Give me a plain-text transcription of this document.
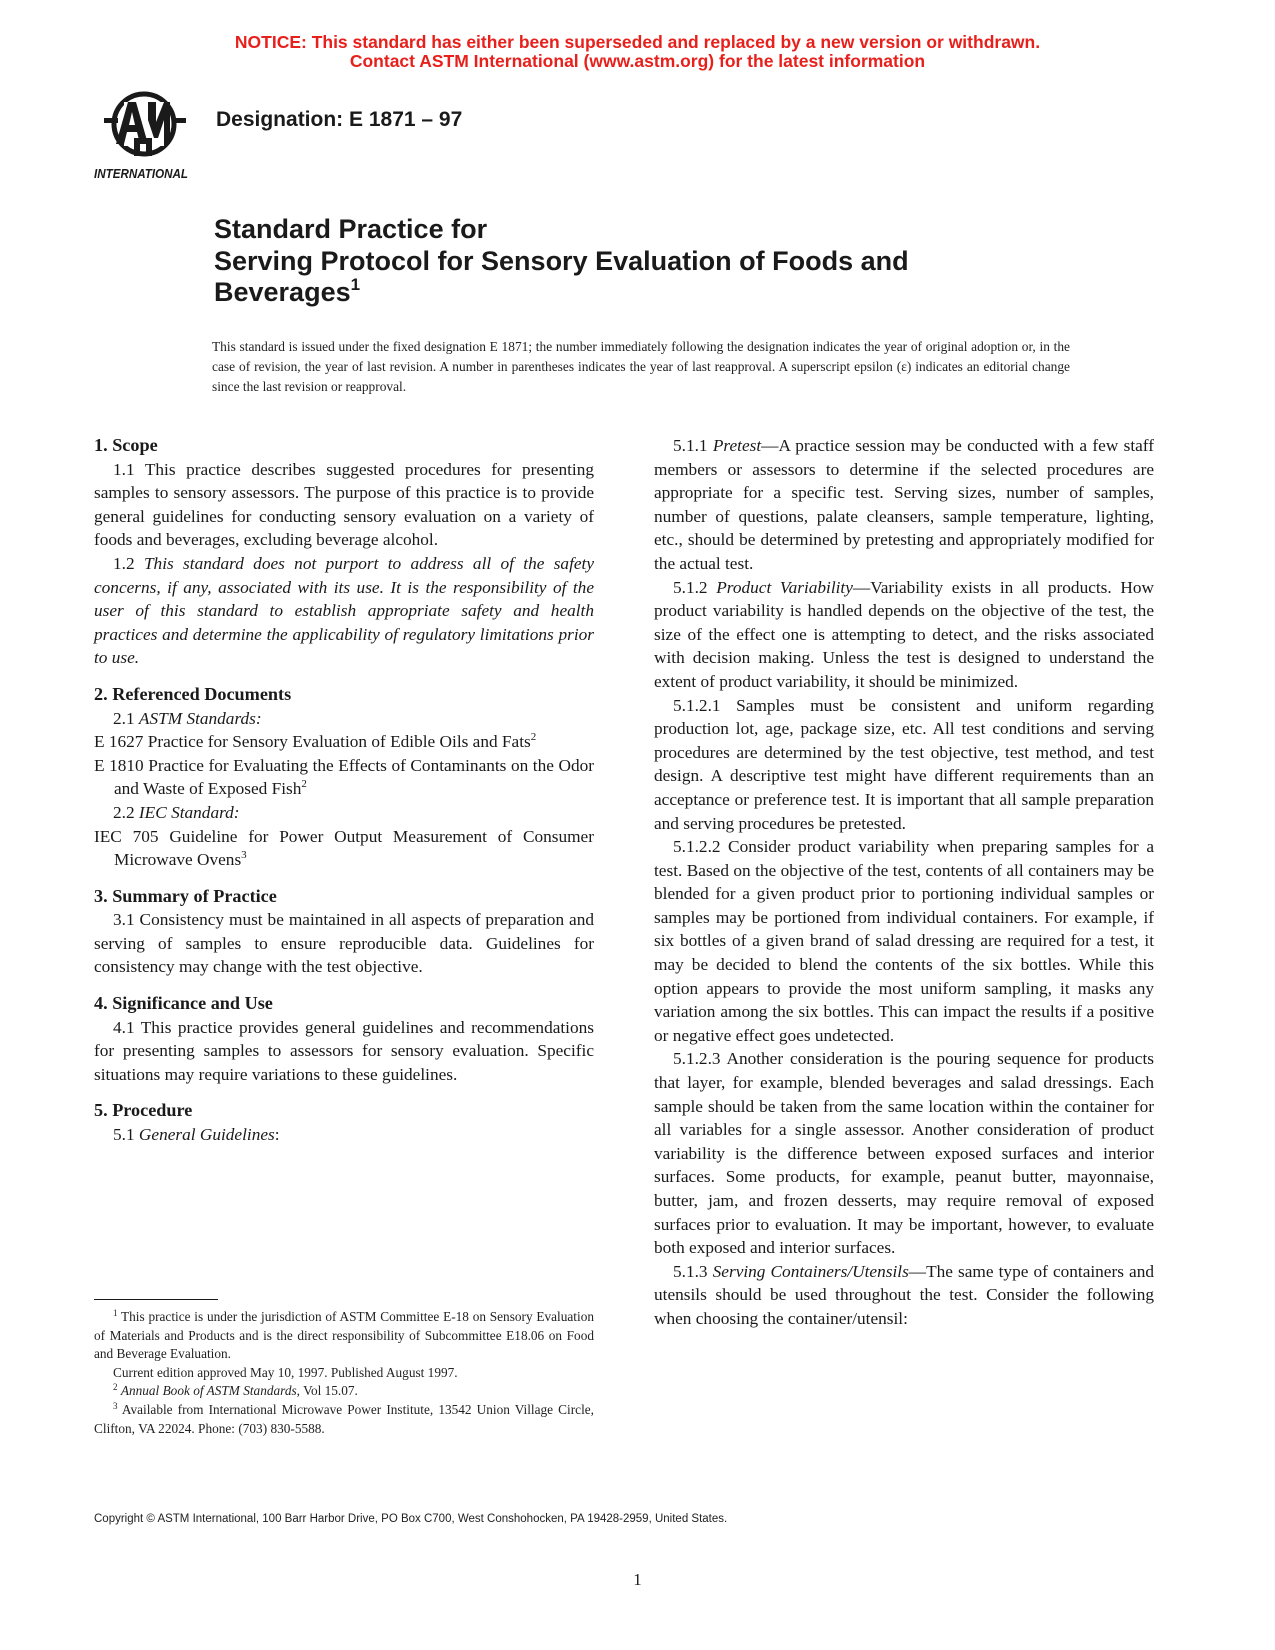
NOTICE: This standard has either been superseded and replaced by a new version or withdrawn.
Contact ASTM International (www.astm.org) for the latest information
INTERNATIONAL
Designation: E 1871 – 97
Standard Practice for
Serving Protocol for Sensory Evaluation of Foods and
Beverages$^1$
This standard is issued under the fixed designation E 1871; the number immediately following the designation indicates the year of original adoption or, in the case of revision, the year of last revision. A number in parentheses indicates the year of last reapproval. A superscript epsilon (ε) indicates an editorial change since the last revision or reapproval.
1. Scope

1.1 This practice describes suggested procedures for presenting samples to sensory assessors. The purpose of this practice is to provide general guidelines for conducting sensory evaluation on a variety of foods and beverages, excluding beverage alcohol.

1.2 This standard does not purport to address all of the safety concerns, if any, associated with its use. It is the responsibility of the user of this standard to establish appropriate safety and health practices and determine the applicability of regulatory limitations prior to use.

2. Referenced Documents

2.1 ASTM Standards:

E 1627 Practice for Sensory Evaluation of Edible Oils and Fats$^2$

E 1810 Practice for Evaluating the Effects of Contaminants on the Odor and Waste of Exposed Fish$^2$

2.2 IEC Standard:

IEC 705 Guideline for Power Output Measurement of Consumer Microwave Ovens$^3$

3. Summary of Practice

3.1 Consistency must be maintained in all aspects of preparation and serving of samples to ensure reproducible data. Guidelines for consistency may change with the test objective.

4. Significance and Use

4.1 This practice provides general guidelines and recommendations for presenting samples to assessors for sensory evaluation. Specific situations may require variations to these guidelines.

5. Procedure

5.1 General Guidelines:

5.1.1 Pretest—A practice session may be conducted with a few staff members or assessors to determine if the selected procedures are appropriate for a specific test. Serving sizes, number of samples, number of questions, palate cleansers, sample temperature, lighting, etc., should be determined by pretesting and appropriately modified for the actual test.

5.1.2 Product Variability—Variability exists in all products. How product variability is handled depends on the objective of the test, the size of the effect one is attempting to detect, and the risks associated with decision making. Unless the test is designed to understand the extent of product variability, it should be minimized.

5.1.2.1 Samples must be consistent and uniform regarding production lot, age, package size, etc. All test conditions and serving procedures are determined by the test objective, test method, and test design. A descriptive test might have different requirements than an acceptance or preference test. It is important that all sample preparation and serving procedures be pretested.

5.1.2.2 Consider product variability when preparing samples for a test. Based on the objective of the test, contents of all containers may be blended for a given product prior to portioning individual samples or samples may be portioned from individual containers. For example, if six bottles of a given brand of salad dressing are required for a test, it may be decided to blend the contents of the six bottles. While this option appears to provide the most uniform sampling, it masks any variation among the six bottles. This can impact the results if a positive or negative effect goes undetected.

5.1.2.3 Another consideration is the pouring sequence for products that layer, for example, blended beverages and salad dressings. Each sample should be taken from the same location within the container for all variables for a single assessor. Another consideration of product variability is the difference between exposed surfaces and interior surfaces. Some products, for example, peanut butter, mayonnaise, butter, jam, and frozen desserts, may require removal of exposed surfaces prior to evaluation. It may be important, however, to evaluate both exposed and interior surfaces.

5.1.3 Serving Containers/Utensils—The same type of containers and utensils should be used throughout the test. Consider the following when choosing the container/utensil:

$^1$ This practice is under the jurisdiction of ASTM Committee E-18 on Sensory Evaluation of Materials and Products and is the direct responsibility of Subcommittee E18.06 on Food and Beverage Evaluation.

Current edition approved May 10, 1997. Published August 1997.

$^2$ Annual Book of ASTM Standards, Vol 15.07.

$^3$ Available from International Microwave Power Institute, 13542 Union Village Circle, Clifton, VA 22024. Phone: (703) 830-5588.

Copyright © ASTM International, 100 Barr Harbor Drive, PO Box C700, West Conshohocken, PA 19428-2959, United States.
1
